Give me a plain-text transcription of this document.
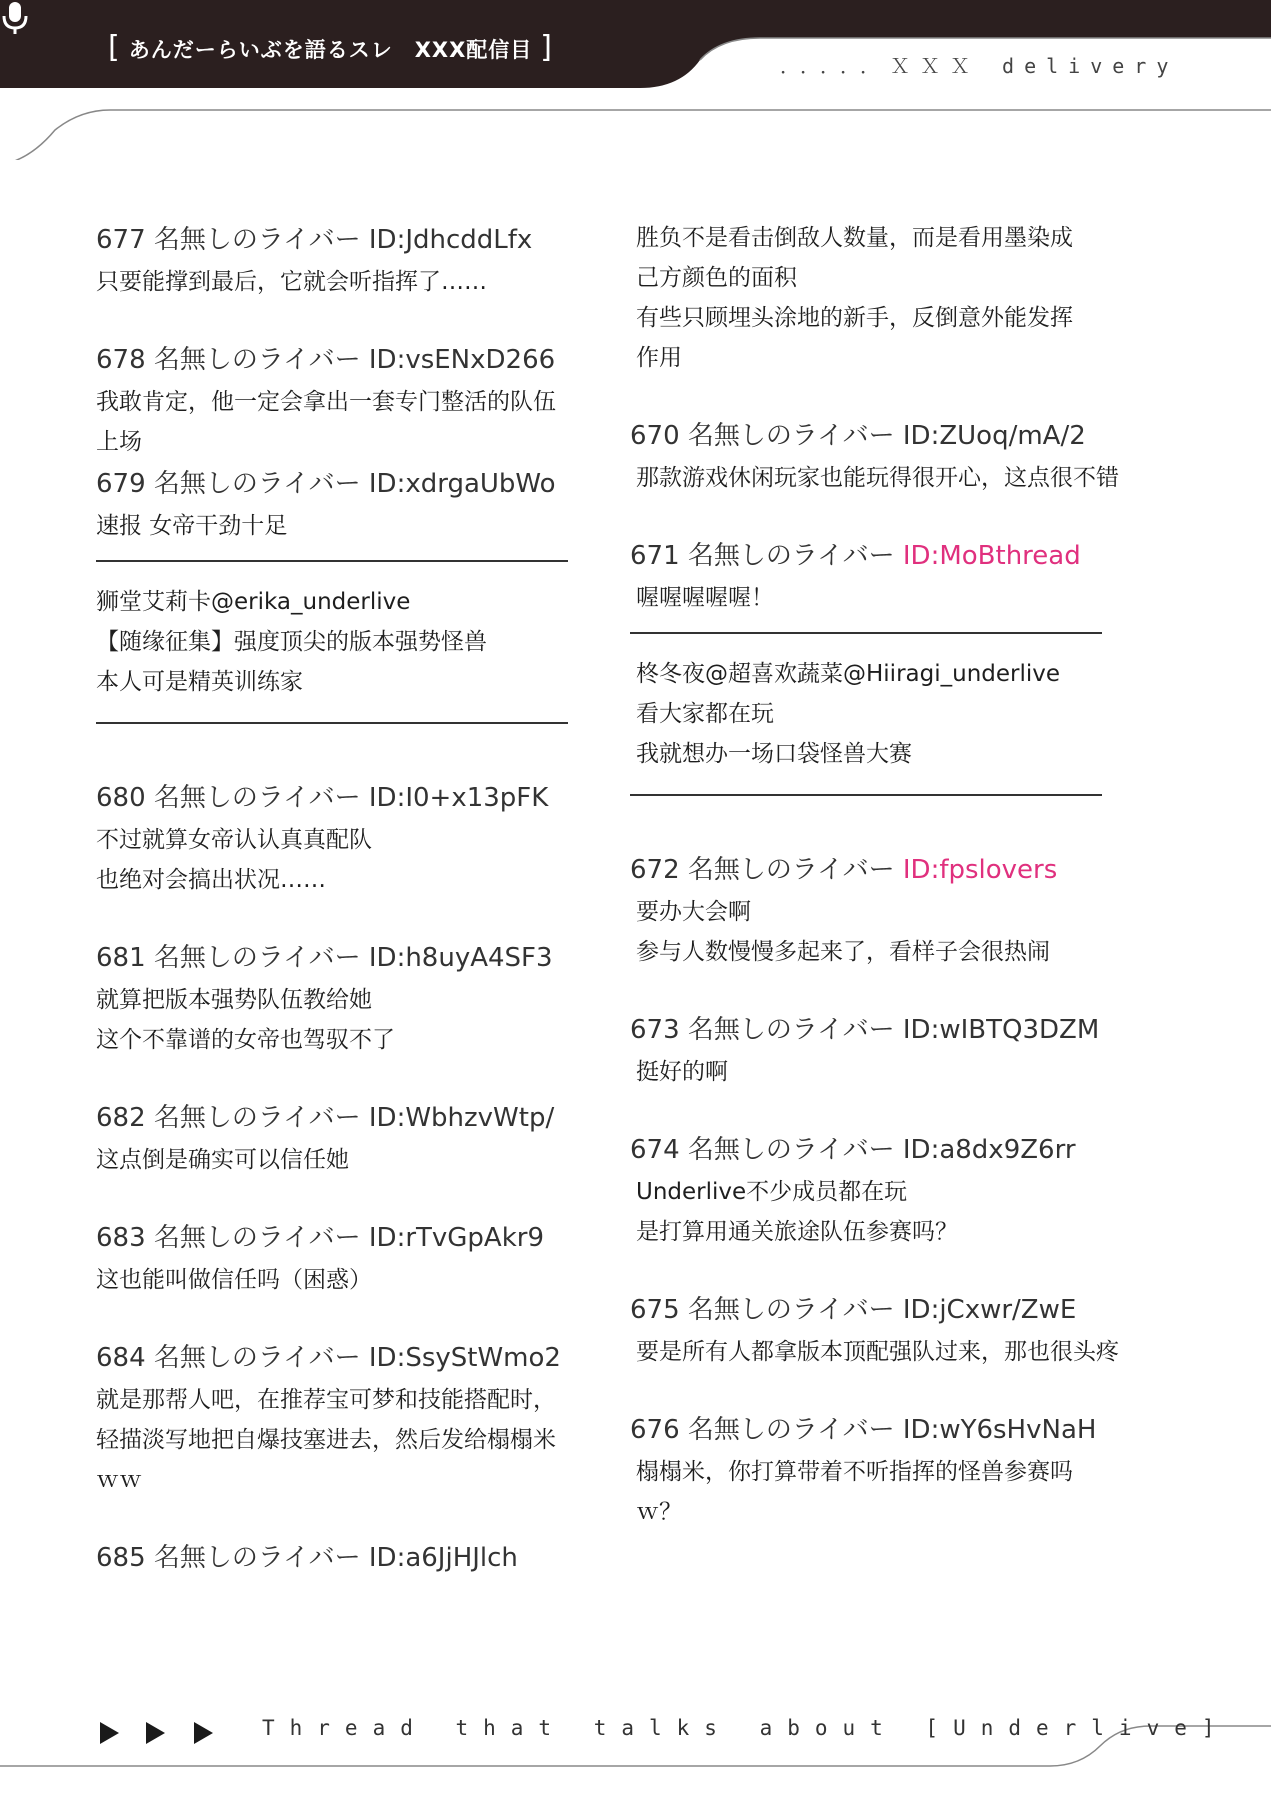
[ あんだーらいぶを語るスレ　XXX配信目 ]
．．．．．ＸＸＸ delivery
677 名無しのライバー ID:JdhcddLfx
只要能撑到最后，它就会听指挥了……
678 名無しのライバー ID:vsENxD266
我敢肯定，他一定会拿出一套专门整活的队伍
上场
679 名無しのライバー ID:xdrgaUbWo
速报 女帝干劲十足
狮堂艾莉卡@erika_underlive
【随缘征集】强度顶尖的版本强势怪兽
本人可是精英训练家
680 名無しのライバー ID:I0+x13pFK
不过就算女帝认认真真配队
也绝对会搞出状况……
681 名無しのライバー ID:h8uyA4SF3
就算把版本强势队伍教给她
这个不靠谱的女帝也驾驭不了
682 名無しのライバー ID:WbhzvWtp/
这点倒是确实可以信任她
683 名無しのライバー ID:rTvGpAkr9
这也能叫做信任吗（困惑）
684 名無しのライバー ID:SsyStWmo2
就是那帮人吧，在推荐宝可梦和技能搭配时，
轻描淡写地把自爆技塞进去，然后发给榻榻米
ｗｗ
685 名無しのライバー ID:a6JjHJlch
胜负不是看击倒敌人数量，而是看用墨染成
己方颜色的面积
有些只顾埋头涂地的新手，反倒意外能发挥
作用
670 名無しのライバー ID:ZUoq/mA/2
那款游戏休闲玩家也能玩得很开心，这点很不错
671 名無しのライバー ID:MoBthread
喔喔喔喔喔！
柊冬夜@超喜欢蔬菜@Hiiragi_underlive
看大家都在玩
我就想办一场口袋怪兽大赛
672 名無しのライバー ID:fpslovers
要办大会啊
参与人数慢慢多起来了，看样子会很热闹
673 名無しのライバー ID:wIBTQ3DZM
挺好的啊
674 名無しのライバー ID:a8dx9Z6rr
Underlive不少成员都在玩
是打算用通关旅途队伍参赛吗？
675 名無しのライバー ID:jCxwr/ZwE
要是所有人都拿版本顶配强队过来，那也很头疼
676 名無しのライバー ID:wY6sHvNaH
榻榻米，你打算带着不听指挥的怪兽参赛吗
ｗ？
Thread that talks about [Underlive]
